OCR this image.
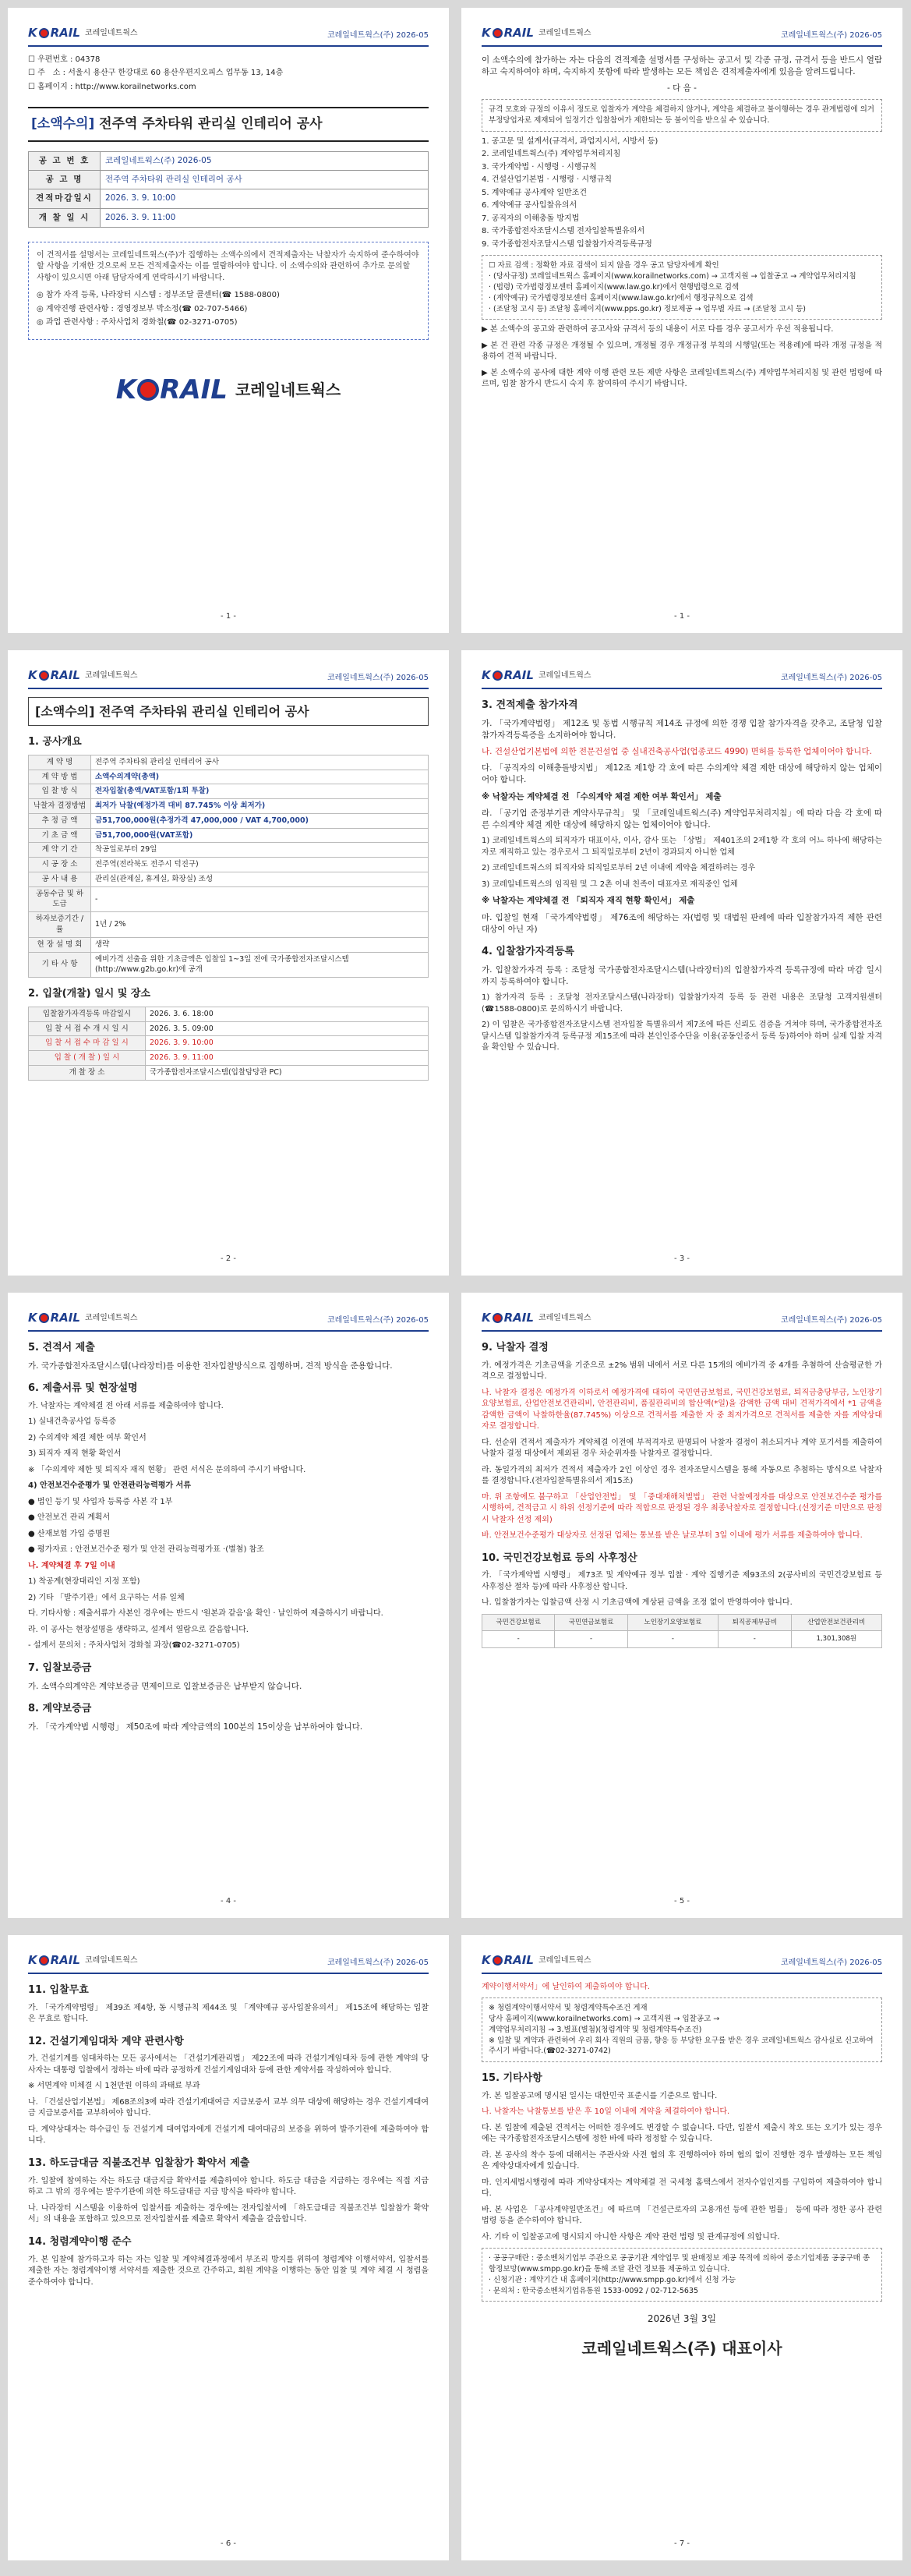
K RAIL 코레일네트웍스	코레일네트웍스(주) 2026-05
☐ 우편번호 : 04378
☐ 주　소 : 서울시 용산구 한강대로 60 용산우편지오피스 업무동 13, 14층
☐ 홈페이지 : http://www.korailnetworks.com
[소액수의] 전주역 주차타워 관리실 인테리어 공사
공 고 번 호	코레일네트웍스(주) 2026-05
공 고 명	전주역 주차타워 관리실 인테리어 공사
견적마감일시	2026. 3. 9. 10:00
개 찰 일 시	2026. 3. 9. 11:00

이 견적서를 설명서는 코레일네트웍스(주)가 집행하는 소액수의에서 견적제출자는 낙찰자가 숙지하여 준수하여야 할 사항을 기재한 것으로써 모든 견적제출자는 이를 열람하여야 합니다. 이 소액수의와 관련하여 추가로 문의할 사항이 있으시면 아래 담당자에게 연락하시기 바랍니다.

◎ 참가 자격 등록, 나라장터 시스템 : 정부조달 콜센터(☎ 1588-0800)
◎ 계약진행 관련사항 : 경영정보부 박소정(☎ 02-707-5466)
◎ 과업 관련사항 : 주차사업처 경화철(☎ 02-3271-0705)
K RAIL 코레일네트웍스
- 1 -
K RAIL 코레일네트웍스	코레일네트웍스(주) 2026-05

이 소액수의에 참가하는 자는 다음의 견적제출 설명서를 구성하는 공고서 및 각종 규정, 규격서 등을 반드시 열람하고 숙지하여야 하며, 숙지하지 못함에 따라 발생하는 모든 책임은 견적제출자에게 있음을 알려드립니다.

- 다 음 -

규격 모호와 규정의 이유서 정도로 입찰자가 계약을 체결하지 않거나, 계약을 체결하고 불이행하는 경우 관계법령에 의거 부정당업자로 제재되어 일정기간 입찰참여가 제한되는 등 불이익을 받으실 수 있습니다.
1. 공고문 및 설계서(규격서, 과업지시서, 시방서 등)
2. 코레일네트웍스(주) 계약업무처리지침
3. 국가계약법 · 시행령 · 시행규칙
4. 건설산업기본법 · 시행령 · 시행규칙
5. 계약예규 공사계약 일반조건
6. 계약예규 공사입찰유의서
7. 공직자의 이해충돌 방지법
8. 국가종합전자조달시스템 전자입찰특별유의서
9. 국가종합전자조달시스템 입찰참가자격등록규정
☐ 자료 검색 : 정확한 자료 검색이 되지 않을 경우 공고 담당자에게 확인
· (당사규정) 코레일네트웍스 홈페이지(www.korailnetworks.com) → 고객지원 → 입찰공고 → 계약업무처리지침
· (법령) 국가법령정보센터 홈페이지(www.law.go.kr)에서 현행법령으로 검색
· (계약예규) 국가법령정보센터 홈페이지(www.law.go.kr)에서 행정규칙으로 검색
· (조달청 고시 등) 조달청 홈페이지(www.pps.go.kr) 정보제공 → 업무별 자료 → (조달청 고시 등)

▶ 본 소액수의 공고와 관련하여 공고사와 규격서 등의 내용이 서로 다를 경우 공고서가 우선 적용됩니다.

▶ 본 건 관련 각종 규정은 개정될 수 있으며, 개정될 경우 개정규정 부칙의 시행일(또는 적용례)에 따라 개정 규정을 적용하여 견적 바랍니다.

▶ 본 소액수의 공사에 대한 계약 이행 관련 모든 제반 사항은 코레일네트웍스(주) 계약업무처리지침 및 관련 법령에 따르며, 입찰 참가시 반드시 숙지 후 참여하여 주시기 바랍니다.

- 1 -
K RAIL 코레일네트웍스	코레일네트웍스(주) 2026-05
[소액수의] 전주역 주차타워 관리실 인테리어 공사
1. 공사개요
계 약 명	전주역 주차타워 관리실 인테리어 공사
계 약 방 법	소액수의계약(총액)
입 찰 방 식	전자입찰(총액/VAT포함/1회 투찰)
낙찰자 결정방법	최저가 낙찰(예정가격 대비 87.745% 이상 최저가)
추 정 금 액	금51,700,000원(추정가격 47,000,000 / VAT 4,700,000)
기 초 금 액	금51,700,000원(VAT포함)
계 약 기 간	착공일로부터 29일
시 공 장 소	전주역(전라북도 전주시 덕진구)
공 사 내 용	관리실(관제실, 휴게실, 화장실) 조성
공동수급 및 하도급	-
하자보증기간 / 률	1년 / 2%
현 장 설 명 회	생략
기 타 사 항	예비가격 선출을 위한 기초금액은 입찰일 1~3일 전에 국가종합전자조달시스템(http://www.g2b.go.kr)에 공개
2. 입찰(개찰) 일시 및 장소
입찰참가자격등록 마감일시	2026. 3. 6. 18:00
입 찰 서 접 수 개 시 일 시	2026. 3. 5. 09:00
입 찰 서 접 수 마 감 일 시	2026. 3. 9. 10:00
입 찰 ( 개 찰 ) 일 시	2026. 3. 9. 11:00
개 찰 장 소	국가종합전자조달시스템(입찰담당관 PC)
- 2 -
K RAIL 코레일네트웍스	코레일네트웍스(주) 2026-05
3. 견적제출 참가자격

가. 「국가계약법령」 제12조 및 동법 시행규칙 제14조 규정에 의한 경쟁 입찰 참가자격을 갖추고, 조달청 입찰참가자격등록증을 소지하여야 합니다.

나. 건설산업기본법에 의한 전문건설업 중 실내건축공사업(업종코드 4990) 면허를 등록한 업체이어야 합니다.

다. 「공직자의 이해충돌방지법」 제12조 제1항 각 호에 따른 수의계약 체결 제한 대상에 해당하지 않는 업체이어야 합니다.

※ 낙찰자는 계약체결 전 「수의계약 체결 제한 여부 확인서」 제출

라. 「공기업 준정부기관 계약사무규칙」 및 「코레일네트웍스(주) 계약업무처리지침」에 따라 다음 각 호에 따른 수의계약 체결 제한 대상에 해당하지 않는 업체이어야 합니다.

1) 코레일네트웍스의 퇴직자가 대표이사, 이사, 감사 또는 「상법」 제401조의 2제1항 각 호의 어느 하나에 해당하는 자로 재직하고 있는 경우로서 그 퇴직일로부터 2년이 경과되지 아니한 업체

2) 코레일네트웍스의 퇴직자와 퇴직일로부터 2년 이내에 계약을 체결하려는 경우

3) 코레일네트웍스의 임직원 및 그 2촌 이내 친족이 대표자로 재직중인 업체

※ 낙찰자는 계약체결 전 「퇴직자 재직 현황 확인서」 제출

마. 입찰일 현재 「국가계약법령」 제76조에 해당하는 자(법령 및 대법원 판례에 따라 입찰참가자격 제한 관련 대상이 아닌 자)

4. 입찰참가자격등록

가. 입찰참가자격 등록 : 조달청 국가종합전자조달시스템(나라장터)의 입찰참가자격 등록규정에 따라 마감 일시까지 등록하여야 합니다.

1) 참가자격 등록 : 조달청 전자조달시스템(나라장터) 입찰참가자격 등록 등 관련 내용은 조달청 고객지원센터(☎1588-0800)로 문의하시기 바랍니다.

2) 이 입찰은 국가종합전자조달시스템 전자입찰 특별유의서 제7조에 따른 신뢰도 검증을 거쳐야 하며, 국가종합전자조달시스템 입찰참가자격 등록규정 제15조에 따라 본인인증수단을 이용(공동인증서 등록 등)하여야 하며 실제 입찰 자격을 확인할 수 있습니다.

- 3 -
K RAIL 코레일네트웍스	코레일네트웍스(주) 2026-05
5. 견적서 제출

가. 국가종합전자조달시스템(나라장터)를 이용한 전자입찰방식으로 집행하며, 견적 방식을 준용합니다.

6. 제출서류 및 현장설명

가. 낙찰자는 계약체결 전 아래 서류를 제출하여야 합니다.

1) 실내건축공사업 등록증

2) 수의계약 체결 제한 여부 확인서

3) 퇴직자 재직 현황 확인서

※ 「수의계약 제한 및 퇴직자 재직 현황」 관련 서식은 문의하여 주시기 바랍니다.

4) 안전보건수준평가 및 안전관리능력평가 서류

● 법인 등기 및 사업자 등록증 사본 각 1부

● 안전보건 관리 계획서

● 산재보험 가입 증명원

● 평가자료 : 안전보건수준 평가 및 안전 관리능력평가표 ·(별첨) 참조

나. 계약체결 후 7일 이내

1) 착공계(현장대리인 지정 포함)

2) 기타 「발주기관」에서 요구하는 서류 일체

다. 기타사항 : 제출서류가 사본인 경우에는 반드시 '원본과 같음'을 확인 · 날인하여 제출하시기 바랍니다.

라. 이 공사는 현장설명을 생략하고, 설계서 열람으로 갈음합니다.

- 설계서 문의처 : 주차사업처 경화철 과장(☎02-3271-0705)

7. 입찰보증금

가. 소액수의계약은 계약보증금 면제이므로 입찰보증금은 납부받지 않습니다.

8. 계약보증금

가. 「국가계약법 시행령」 제50조에 따라 계약금액의 100분의 15이상을 납부하여야 합니다.

- 4 -
K RAIL 코레일네트웍스	코레일네트웍스(주) 2026-05
9. 낙찰자 결정

가. 예정가격은 기초금액을 기준으로 ±2% 범위 내에서 서로 다른 15개의 예비가격 중 4개를 추첨하여 산술평균한 가격으로 결정합니다.

나. 낙찰자 결정은 예정가격 이하로서 예정가격에 대하여 국민연금보험료, 국민건강보험료, 퇴직금충당부금, 노인장기요양보험료, 산업안전보건관리비, 안전관리비, 품질관리비의 합산액(*일)을 감액한 금액 대비 견적가격에서 *1 금액을 감액한 금액이 낙찰하한율(87.745%) 이상으로 견적서를 제출한 자 중 최저가격으로 견적서를 제출한 자를 계약상대자로 결정합니다.

다. 선순위 견적서 제출자가 계약체결 이전에 부적격자로 판명되어 낙찰자 결정이 취소되거나 계약 포기서를 제출하여 낙찰자 결정 대상에서 제외된 경우 차순위자를 낙찰자로 결정합니다.

라. 동일가격의 최저가 견적서 제출자가 2인 이상인 경우 전자조달시스템을 통해 자동으로 추첨하는 방식으로 낙찰자를 결정합니다.(전자입찰특별유의서 제15조)

마. 위 조항에도 불구하고 「산업안전법」 및 「중대재해처벌법」 관련 낙찰예정자를 대상으로 안전보건수준 평가를 시행하여, 견적금고 시 하위 선정기준에 따라 적합으로 판정된 경우 최종낙찰자로 결정합니다.(선정기준 미만으로 판정 시 낙찰자 선정 제외)

바. 안전보건수준평가 대상자로 선정된 업체는 통보를 받은 날로부터 3일 이내에 평가 서류를 제출하여야 합니다.

10. 국민건강보험료 등의 사후정산

가. 「국가계약법 시행령」 제73조 및 계약예규 정부 입찰 · 계약 집행기준 제93조의 2(공사비의 국민건강보험료 등 사후정산 절차 등)에 따라 사후정산 합니다.

나. 입찰참가자는 입찰금액 산정 시 기초금액에 계상된 금액을 조정 없이 반영하여야 합니다.

국민건강보험료	국민연금보험료	노인장기요양보험료	퇴직공제부금비	산업안전보건관리비
-	-	-	-	1,301,308원
- 5 -
K RAIL 코레일네트웍스	코레일네트웍스(주) 2026-05
11. 입찰무효

가. 「국가계약법령」 제39조 제4항, 동 시행규칙 제44조 및 「계약예규 공사입찰유의서」 제15조에 해당하는 입찰은 무효로 합니다.

12. 건설기계임대차 계약 관련사항

가. 건설기계를 임대차하는 모든 공사에서는 「건설기계관리법」 제22조에 따라 건설기계임대차 등에 관한 계약의 당사자는 대통령 입찰에서 정하는 바에 따라 공정하게 건설기계임대차 등에 관한 계약서를 작성하여야 합니다.

※ 서면계약 미체결 시 1천만원 이하의 과태료 부과

나. 「건설산업기본법」 제68조의3에 따라 건설기계대여금 지급보증서 교부 의무 대상에 해당하는 경우 건설기계대여금 지급보증서를 교부하여야 합니다.

다. 계약상대자는 하수급인 등 건설기계 대여업자에게 건설기계 대여대금의 보증을 위하여 발주기관에 제출하여야 합니다.

13. 하도급대금 직불조건부 입찰참가 확약서 제출

가. 입찰에 참여하는 자는 하도급 대금지급 확약서를 제출하여야 합니다. 하도급 대금을 지급하는 경우에는 직접 지급하고 그 밖의 경우에는 발주기관에 의한 하도급대금 지급 방식을 따라야 합니다.

나. 나라장터 시스템을 이용하여 입찰서를 제출하는 경우에는 전자입찰서에 「하도급대금 직불조건부 입찰참가 확약서」의 내용을 포함하고 있으므로 전자입찰서를 제출로 확약서 제출을 갈음합니다.

14. 청렴계약이행 준수

가. 본 입찰에 참가하고자 하는 자는 입찰 및 계약체결과정에서 부조리 방지를 위하여 청렴계약 이행서약서, 입찰서를 제출한 자는 청렴계약이행 서약서를 제출한 것으로 간주하고, 회원 계약을 이행하는 동안 입찰 및 계약 체결 시 청렴을 준수하여야 합니다.

- 6 -
K RAIL 코레일네트웍스	코레일네트웍스(주) 2026-05

계약이행서약서」에 날인하여 제출하여야 합니다.

※ 청렴계약이행서약서 및 청렴계약특수조건 게재
당사 홈페이지(www.korailnetworks.com) → 고객지원 → 입찰공고 →
계약업무처리지침 → 3.별표(별첨)(청렴계약 및 청렴계약특수조건)
※ 입찰 및 계약과 관련하여 우리 회사 직원의 금품, 향응 등 부당한 요구를 받은 경우 코레일네트웍스 감사실로 신고하여 주시기 바랍니다.(☎02-3271-0742)
15. 기타사항

가. 본 입찰공고에 명시된 일시는 대한민국 표준시를 기준으로 합니다.

나. 낙찰자는 낙찰통보를 받은 후 10일 이내에 계약을 체결하여야 합니다.

다. 본 입찰에 제출된 견적서는 어떠한 경우에도 변경할 수 없습니다. 다만, 입찰서 제출시 착오 또는 오기가 있는 경우에는 국가종합전자조달시스템에 정한 바에 따라 정정할 수 있습니다.

라. 본 공사의 착수 등에 대해서는 주관사와 사전 협의 후 진행하여야 하며 협의 없이 진행한 경우 발생하는 모든 책임은 계약상대자에게 있습니다.

마. 인지세법시행령에 따라 계약상대자는 계약체결 전 국세청 홈택스에서 전자수입인지를 구입하여 제출하여야 합니다.

바. 본 사업은 「공사계약일반조건」에 따르며 「건설근로자의 고용개선 등에 관한 법률」 등에 따라 정한 공사 관련 법령 등을 준수하여야 합니다.

사. 기타 이 입찰공고에 명시되지 아니한 사항은 계약 관련 법령 및 관계규정에 의합니다.

· 공공구매란 : 중소벤처기업부 주관으로 공공기관 계약업무 및 판매정보 제공 목적에 의하여 중소기업제품 공공구매 종합정보망(www.smpp.go.kr)을 통해 조달 관련 정보를 제공하고 있습니다.
· 신청기관 : 계약기간 내 홈페이지(http://www.smpp.go.kr)에서 신청 가능
· 문의처 : 한국중소벤처기업유통원 1533-0092 / 02-712-5635
2026년 3월 3일
코레일네트웍스(주) 대표이사
- 7 -
